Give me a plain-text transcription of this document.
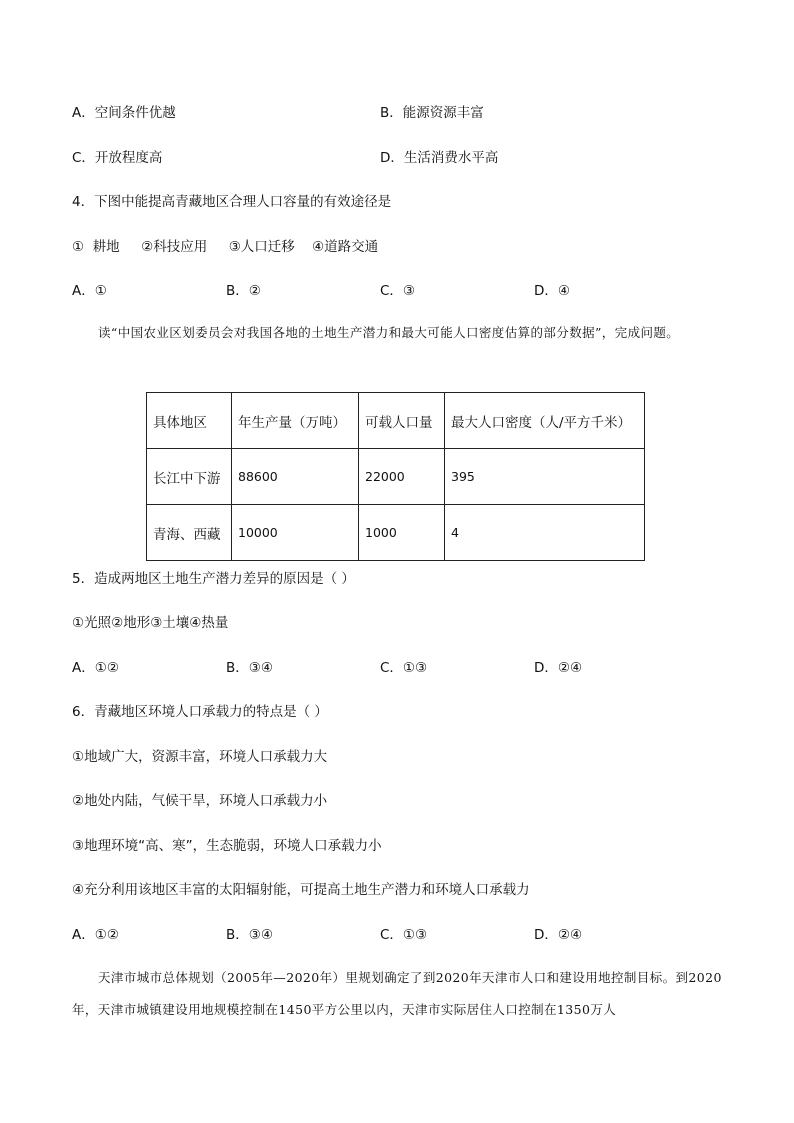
A．空间条件优越	B．能源资源丰富
C．开放程度高	D．生活消费水平高
4．下图中能提高青藏地区合理人口容量的有效途径是
①  耕地     ②科技应用     ③人口迁移    ④道路交通
A．①	B．②	C．③	D．④
读“中国农业区划委员会对我国各地的土地生产潜力和最大可能人口密度估算的部分数据”，完成问题。
具体地区	年生产量（万吨）	可载人口量	最大人口密度（人/平方千米）
长江中下游	88600	22000	395
青海、西藏	10000	1000	4
5．造成两地区土地生产潜力差异的原因是（ ）
①光照②地形③土壤④热量
A．①②	B．③④	C．①③	D．②④
6．青藏地区环境人口承载力的特点是（ ）
①地域广大，资源丰富，环境人口承载力大
②地处内陆，气候干旱，环境人口承载力小
③地理环境“高、寒”，生态脆弱，环境人口承载力小
④充分利用该地区丰富的太阳辐射能，可提高土地生产潜力和环境人口承载力
A．①②	B．③④	C．①③	D．②④
天津市城市总体规划（2005年—2020年）里规划确定了到2020年天津市人口和建设用地控制目标。到2020年，天津市城镇建设用地规模控制在1450平方公里以内，天津市实际居住人口控制在1350万人
